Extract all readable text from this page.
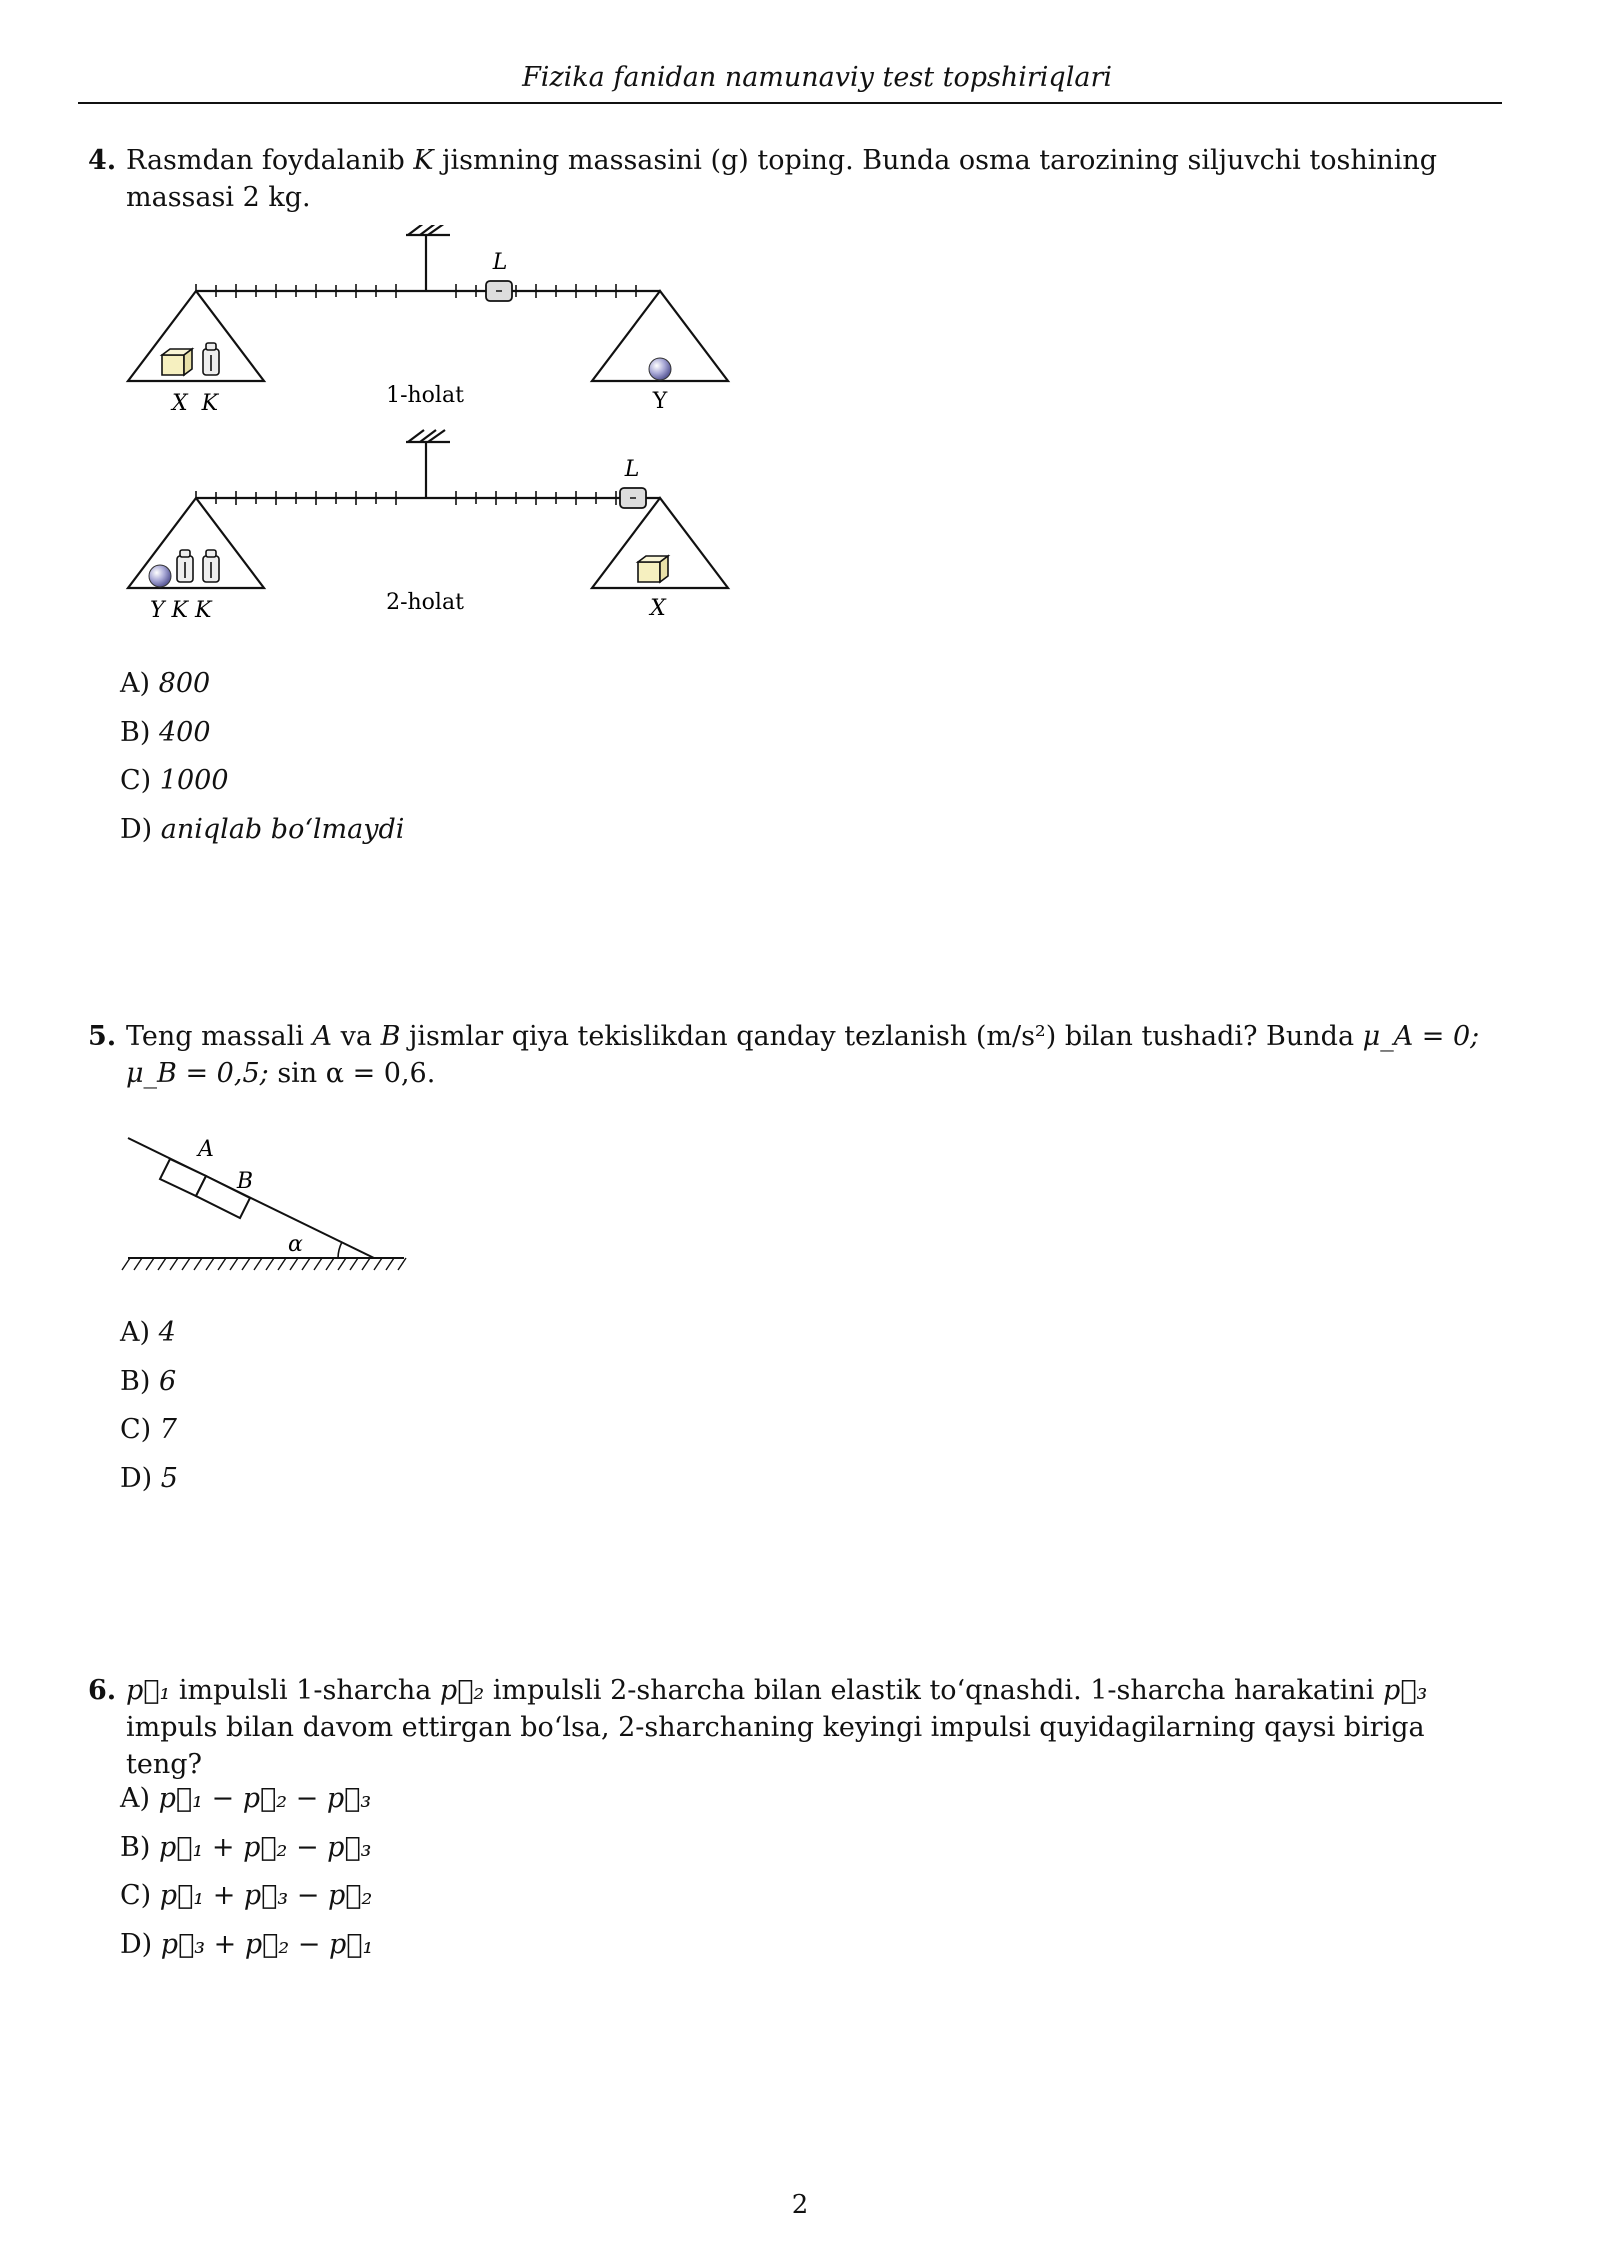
Fizika fanidan namunaviy test topshiriqlari
4. Rasmdan foydalanib K jismning massasini (g) toping. Bunda osma tarozining siljuvchi toshining massasi 2 kg.
L
X  K	1-holat	Y
L
Y K K	2-holat	X
A) 800
B) 400
C) 1000
D) aniqlab bo‘lmaydi
5. Teng massali A va B jismlar qiya tekislikdan qanday tezlanish (m/s²) bilan tushadi? Bunda μ_A = 0; μ_B = 0,5; sin α = 0,6.
A
B
α
A) 4
B) 6
C) 7
D) 5
6. p⃗₁ impulsli 1-sharcha p⃗₂ impulsli 2-sharcha bilan elastik to‘qnashdi. 1-sharcha harakatini p⃗₃ impuls bilan davom ettirgan bo‘lsa, 2-sharchaning keyingi impulsi quyidagilarning qaysi biriga teng?
A) p⃗₁ − p⃗₂ − p⃗₃
B) p⃗₁ + p⃗₂ − p⃗₃
C) p⃗₁ + p⃗₃ − p⃗₂
D) p⃗₃ + p⃗₂ − p⃗₁
2
